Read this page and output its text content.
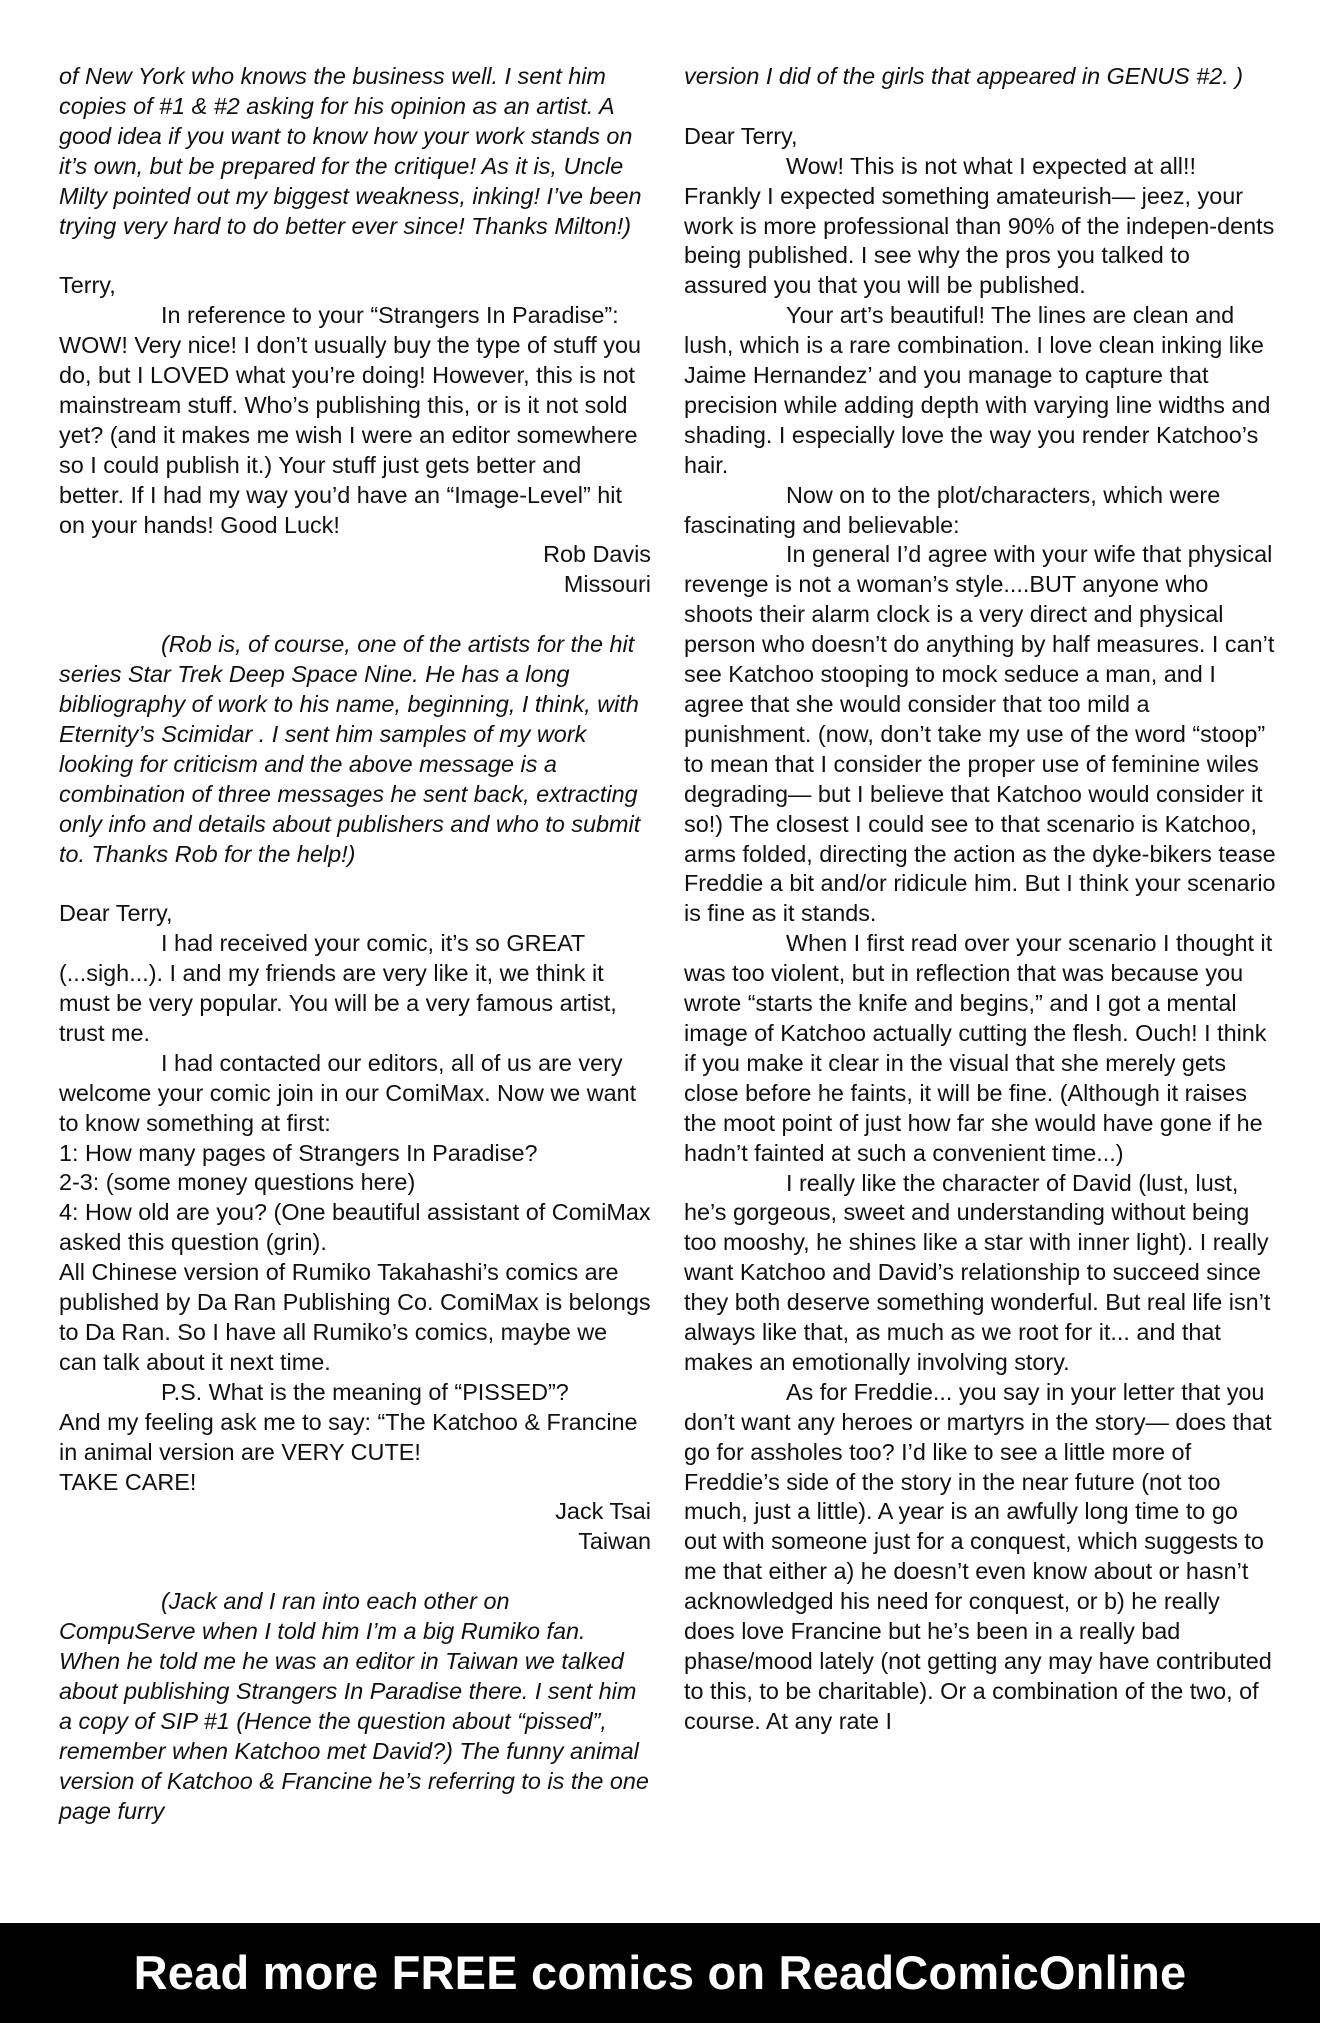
of New York who knows the business well. I sent him copies of #1 & #2 asking for his opinion as an artist. A good idea if you want to know how your work stands on it’s own, but be prepared for the critique! As it is, Uncle Milty pointed out my biggest weakness, inking! I’ve been trying very hard to do better ever since! Thanks Milton!)

Terry,

In reference to your “Strangers In Paradise”: WOW! Very nice! I don’t usually buy the type of stuff you do, but I LOVED what you’re doing! However, this is not mainstream stuff. Who’s publishing this, or is it not sold yet? (and it makes me wish I were an editor somewhere so I could publish it.) Your stuff just gets better and better. If I had my way you’d have an “Image-Level” hit on your hands! Good Luck!

Rob Davis

Missouri

(Rob is, of course, one of the artists for the hit series Star Trek Deep Space Nine. He has a long bibliography of work to his name, beginning, I think, with Eternity’s Scimidar . I sent him samples of my work looking for criticism and the above message is a combination of three messages he sent back, extracting only info and details about publishers and who to submit to. Thanks Rob for the help!)

Dear Terry,

I had received your comic, it’s so GREAT (...sigh...). I and my friends are very like it, we think it must be very popular. You will be a very famous artist, trust me.

I had contacted our editors, all of us are very welcome your comic join in our ComiMax. Now we want to know something at first:

1: How many pages of Strangers In Paradise?

2-3: (some money questions here)

4: How old are you? (One beautiful assistant of ComiMax asked this question (grin).

All Chinese version of Rumiko Takahashi’s comics are published by Da Ran Publishing Co. ComiMax is belongs to Da Ran. So I have all Rumiko’s comics, maybe we can talk about it next time.

P.S. What is the meaning of “PISSED”?

And my feeling ask me to say: “The Katchoo & Francine in animal version are VERY CUTE!

TAKE CARE!

Jack Tsai

Taiwan

(Jack and I ran into each other on CompuServe when I told him I’m a big Rumiko fan. When he told me he was an editor in Taiwan we talked about publishing Strangers In Paradise there. I sent him a copy of SIP #1 (Hence the question about “pissed”, remember when Katchoo met David?) The funny animal version of Katchoo & Francine he’s referring to is the one page furry

version I did of the girls that appeared in GENUS #2. )

Dear Terry,

Wow! This is not what I expected at all!! Frankly I expected something amateurish— jeez, your work is more professional than 90% of the indepen-dents being published. I see why the pros you talked to assured you that you will be published.

Your art’s beautiful! The lines are clean and lush, which is a rare combination. I love clean inking like Jaime Hernandez’ and you manage to capture that precision while adding depth with varying line widths and shading. I especially love the way you render Katchoo’s hair.

Now on to the plot/characters, which were fascinating and believable:

In general I’d agree with your wife that physical revenge is not a woman’s style....BUT anyone who shoots their alarm clock is a very direct and physical person who doesn’t do anything by half measures. I can’t see Katchoo stooping to mock seduce a man, and I agree that she would consider that too mild a punishment. (now, don’t take my use of the word “stoop” to mean that I consider the proper use of feminine wiles degrading— but I believe that Katchoo would consider it so!) The closest I could see to that scenario is Katchoo, arms folded, directing the action as the dyke-bikers tease Freddie a bit and/or ridicule him. But I think your scenario is fine as it stands.

When I first read over your scenario I thought it was too violent, but in reflection that was because you wrote “starts the knife and begins,” and I got a mental image of Katchoo actually cutting the flesh. Ouch! I think if you make it clear in the visual that she merely gets close before he faints, it will be fine. (Although it raises the moot point of just how far she would have gone if he hadn’t fainted at such a convenient time...)

I really like the character of David (lust, lust, he’s gorgeous, sweet and understanding without being too mooshy, he shines like a star with inner light). I really want Katchoo and David’s relationship to succeed since they both deserve something wonderful. But real life isn’t always like that, as much as we root for it... and that makes an emotionally involving story.

As for Freddie... you say in your letter that you don’t want any heroes or martyrs in the story— does that go for assholes too? I’d like to see a little more of Freddie’s side of the story in the near future (not too much, just a little). A year is an awfully long time to go out with someone just for a conquest, which suggests to me that either a) he doesn’t even know about or hasn’t acknowledged his need for conquest, or b) he really does love Francine but he’s been in a really bad phase/mood lately (not getting any may have contributed to this, to be charitable). Or a combination of the two, of course. At any rate I

Read more FREE comics on ReadComicOnline
